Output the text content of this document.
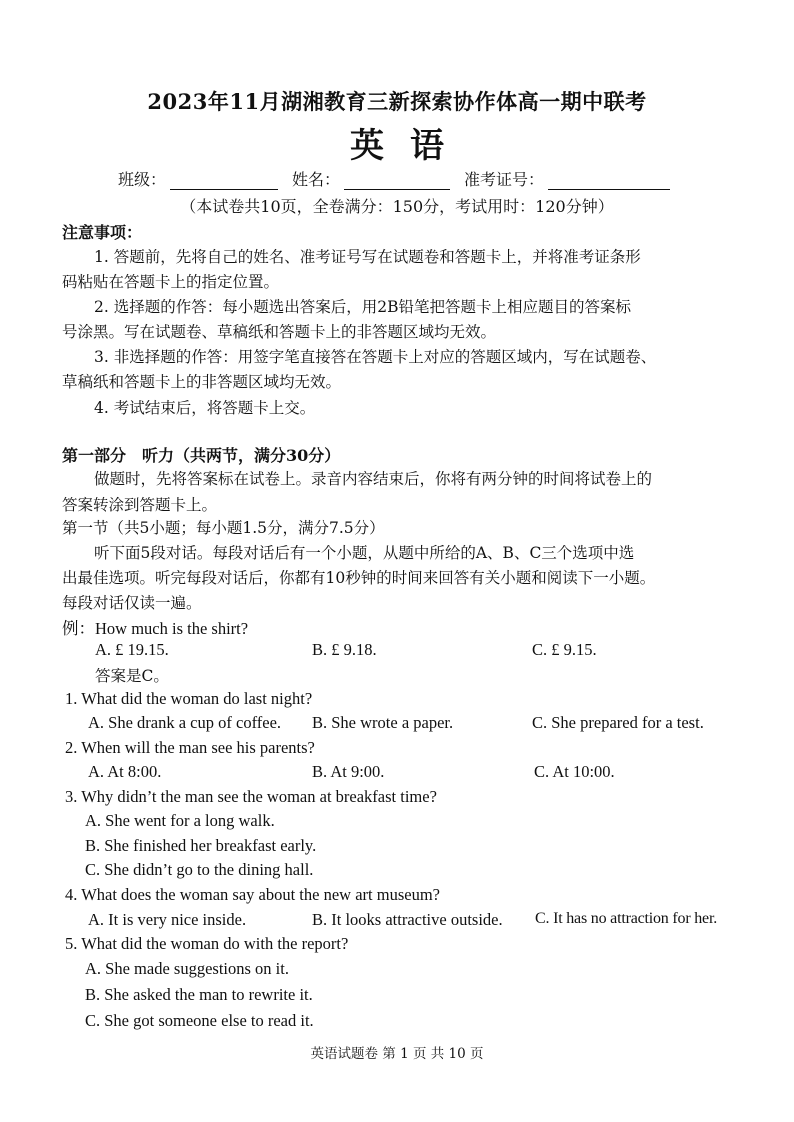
2023年11月湖湘教育三新探索协作体高一期中联考
英语
班级：	姓名：	准考证号：
（本试卷共10页，全卷满分：150分，考试用时：120分钟）
注意事项：
1. 答题前，先将自己的姓名、准考证号写在试题卷和答题卡上，并将准考证条形
码粘贴在答题卡上的指定位置。
2. 选择题的作答：每小题选出答案后，用2B铅笔把答题卡上相应题目的答案标
号涂黑。写在试题卷、草稿纸和答题卡上的非答题区域均无效。
3. 非选择题的作答：用签字笔直接答在答题卡上对应的答题区域内，写在试题卷、
草稿纸和答题卡上的非答题区域均无效。
4. 考试结束后，将答题卡上交。
第一部分　听力（共两节，满分30分）
做题时，先将答案标在试卷上。录音内容结束后，你将有两分钟的时间将试卷上的
答案转涂到答题卡上。
第一节（共5小题；每小题1.5分，满分7.5分）
听下面5段对话。每段对话后有一个小题，从题中所给的A、B、C三个选项中选
出最佳选项。听完每段对话后，你都有10秒钟的时间来回答有关小题和阅读下一小题。
每段对话仅读一遍。
例：How much is the shirt?
A. £ 19.15.	B. £ 9.18.	C. £ 9.15.
答案是C。
1. What did the woman do last night?
A. She drank a cup of coffee. B. She wrote a paper.	C. She prepared for a test.
2. When will the man see his parents?
A. At 8:00.	B. At 9:00.	C. At 10:00.
3. Why didn’t the man see the woman at breakfast time?
A. She went for a long walk.
B. She finished her breakfast early.
C. She didn’t go to the dining hall.
4. What does the woman say about the new art museum?
A. It is very nice inside.	B. It looks attractive outside. C. It has no attraction for her.
5. What did the woman do with the report?
A. She made suggestions on it.
B. She asked the man to rewrite it.
C. She got someone else to read it.
英语试题卷 第 1 页 共 10 页
